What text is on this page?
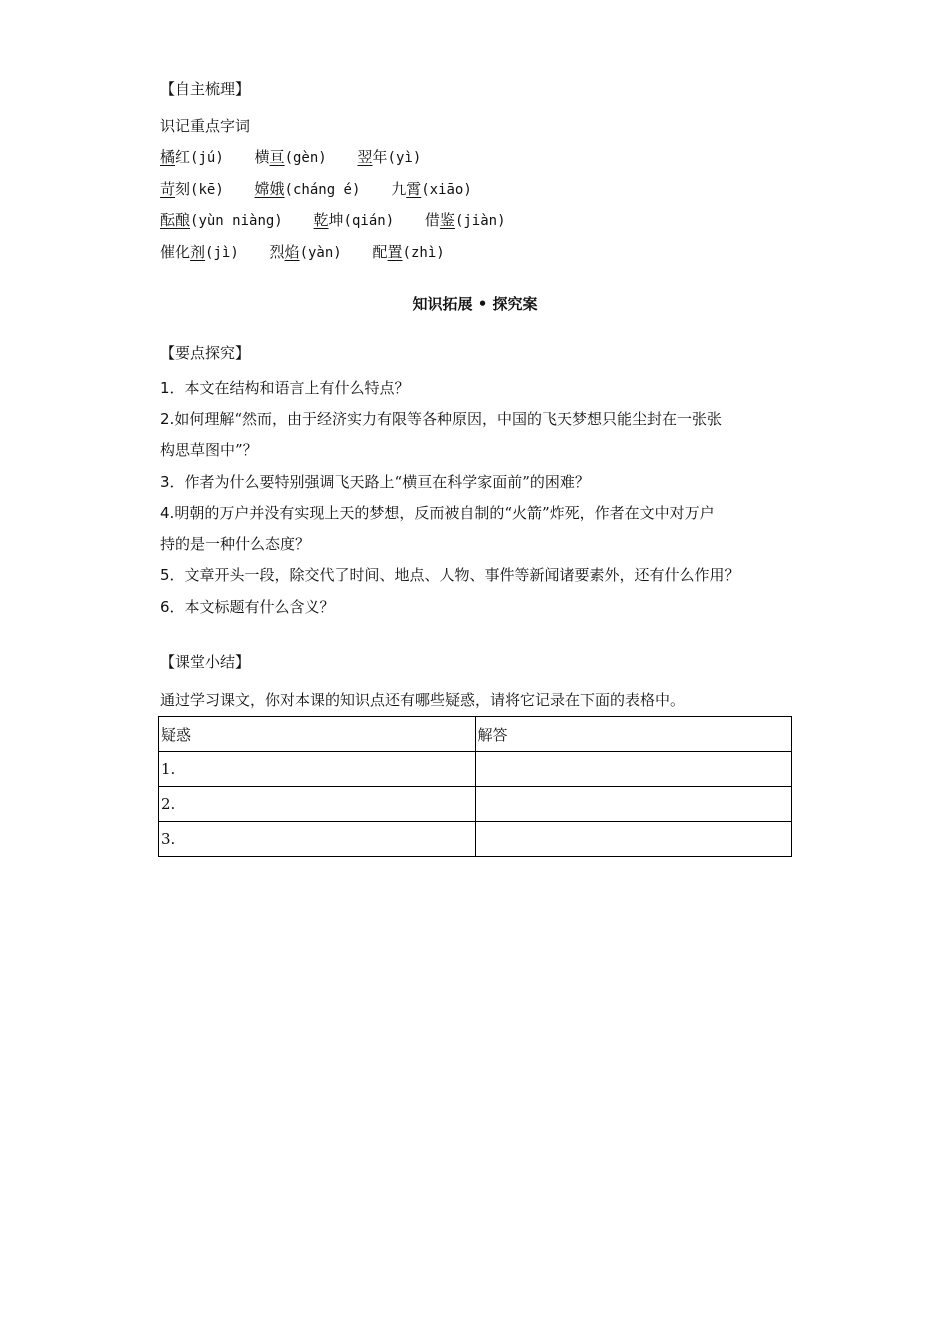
【自主梳理】
识记重点字词
橘红(jú) 横亘(gèn) 翌年(yì)
苛刻(kē) 嫦娥(cháng é) 九霄(xiāo)
酝酿(yùn niàng) 乾坤(qián) 借鉴(jiàn)
催化剂(jì) 烈焰(yàn) 配置(zhì)
知识拓展 • 探究案
【要点探究】
1．本文在结构和语言上有什么特点？
2.如何理解“然而，由于经济实力有限等各种原因，中国的飞天梦想只能尘封在一张张
构思草图中”？
3．作者为什么要特别强调飞天路上“横亘在科学家面前”的困难？
4.明朝的万户并没有实现上天的梦想，反而被自制的“火箭”炸死，作者在文中对万户
持的是一种什么态度？
5．文章开头一段，除交代了时间、地点、人物、事件等新闻诸要素外，还有什么作用？
6．本文标题有什么含义？
【课堂小结】
通过学习课文，你对本课的知识点还有哪些疑惑，请将它记录在下面的表格中。
疑惑	解答
1.	
2.	
3.	
